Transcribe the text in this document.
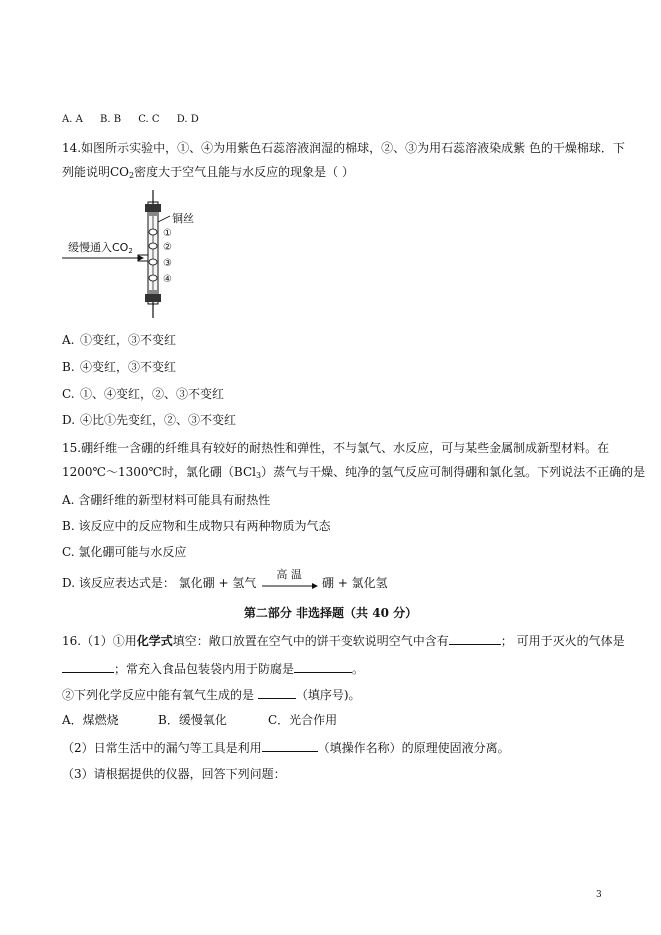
A. A B. B C. C D. D
14.如图所示实验中，①、④为用紫色石蕊溶液润湿的棉球，②、③为用石蕊溶液染成紫 色的干燥棉球．下
列能说明CO2密度大于空气且能与水反应的现象是（ ）
缓慢通入CO2
铜丝
①
②
③
④
A. ①变红，③不变红
B. ④变红，③不变红
C. ①、④变红，②、③不变红
D. ④比①先变红，②、③不变红
15.硼纤维一含硼的纤维具有较好的耐热性和弹性，不与氯气、水反应，可与某些金属制成新型材料。在
1200℃～1300℃时，氯化硼（BCl3）蒸气与干燥、纯净的氢气反应可制得硼和氯化氢。下列说法不正确的是
A. 含硼纤维的新型材料可能具有耐热性
B. 该反应中的反应物和生成物只有两种物质为气态
C. 氯化硼可能与水反应
D. 该反应表达式是： 氯化硼 + 氢气
高 温
硼 + 氯化氢
第二部分 非选择题（共 40 分）
16.（1）①用化学式填空：敞口放置在空气中的饼干变软说明空气中含有	； 可用于灭火的气体是
；常充入食品包装袋内用于防腐是	。
②下列化学反应中能有氧气生成的是	（填序号)。
A．煤燃烧	B．缓慢氧化	C．光合作用
（2）日常生活中的漏勺等工具是利用	（填操作名称）的原理使固液分离。
（3）请根据提供的仪器，回答下列问题：
3
